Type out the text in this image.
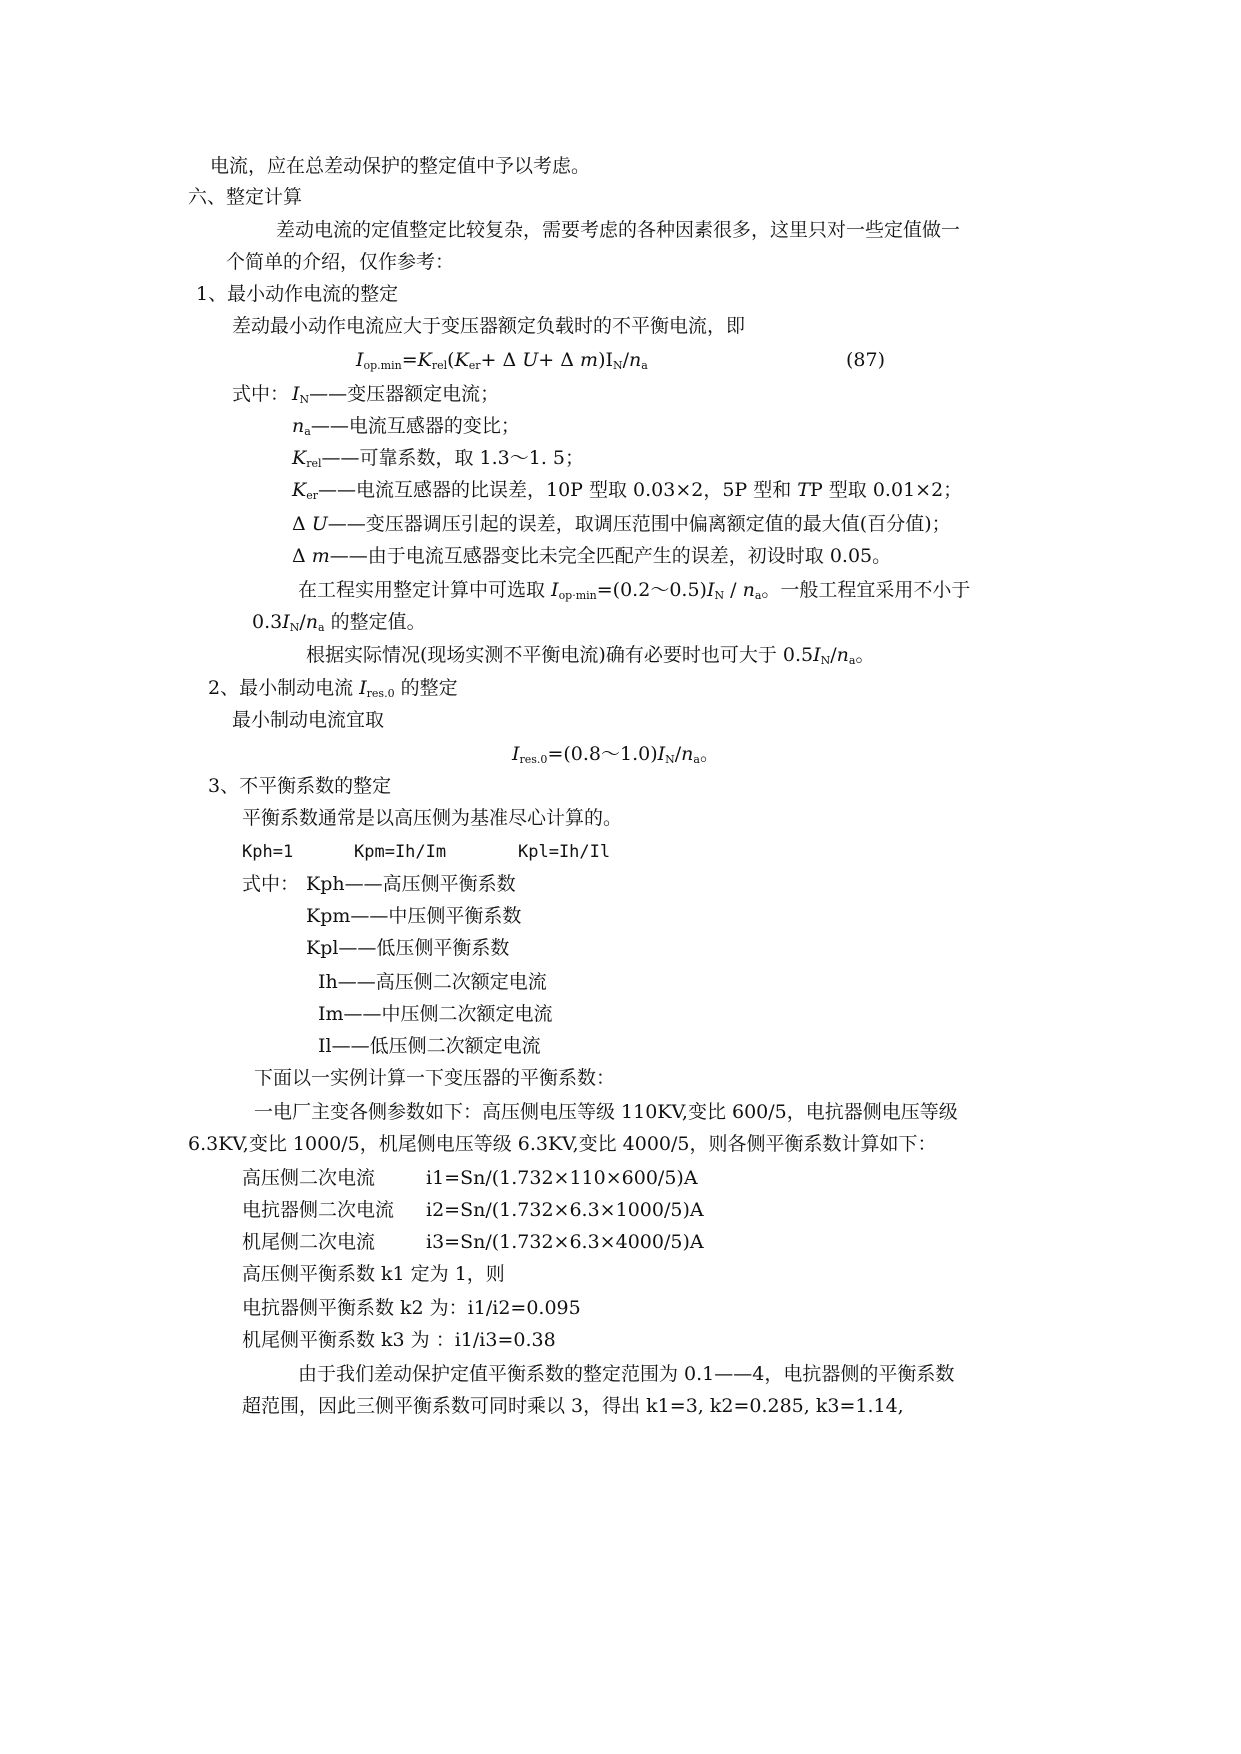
电流，应在总差动保护的整定值中予以考虑。
六、整定计算
差动电流的定值整定比较复杂，需要考虑的各种因素很多，这里只对一些定值做一
个简单的介绍，仅作参考：
1、最小动作电流的整定
差动最小动作电流应大于变压器额定负载时的不平衡电流，即
$I_{op.min}=K_{rel}(K_{er}+ \Delta$ U+ Δ $m)I_N/n_a$	(87)
式中： $I_N——$变压器额定电流；
$n_a——$电流互感器的变比；
$K_{rel}——$可靠系数，取 1.3～1. 5；
$K_{er}——$电流互感器的比误差，10P 型取 0.03×2，5P 型和 TP 型取 0.01×2；
Δ U——变压器调压引起的误差，取调压范围中偏离额定值的最大值(百分值)；
Δ m——由于电流互感器变比未完全匹配产生的误差，初设时取 0.05。
在工程实用整定计算中可选取 $I_{op\cdot min}=(0.2\sim 0.5)I_N / n_a$。一般工程宜采用不小于
$0.3I_N/n_a$ 的整定值。
根据实际情况(现场实测不平衡电流)确有必要时也可大于 $0.5I_N/n_a$。
2、最小制动电流 $I_{res.0}$ 的整定
最小制动电流宜取
$I_{res.0}=(0.8\sim 1.0)I_N/n_a$。
3、不平衡系数的整定
平衡系数通常是以高压侧为基准尽心计算的。
Kph=1	Kpm=Ih/Im	Kpl=Ih/Il
式中： Kph——高压侧平衡系数
Kpm——中压侧平衡系数
Kpl——低压侧平衡系数
Ih——高压侧二次额定电流
Im——中压侧二次额定电流
Il——低压侧二次额定电流
下面以一实例计算一下变压器的平衡系数：
一电厂主变各侧参数如下：高压侧电压等级 110KV,变比 600/5，电抗器侧电压等级
6.3KV,变比 1000/5，机尾侧电压等级 6.3KV,变比 4000/5，则各侧平衡系数计算如下：
高压侧二次电流	i1=Sn/(1.732×110×600/5)A
电抗器侧二次电流 i2=Sn/(1.732×6.3×1000/5)A
机尾侧二次电流	i3=Sn/(1.732×6.3×4000/5)A
高压侧平衡系数 k1 定为 1，则
电抗器侧平衡系数 k2 为：i1/i2=0.095
机尾侧平衡系数 k3 为 ：i1/i3=0.38
由于我们差动保护定值平衡系数的整定范围为 0.1——4，电抗器侧的平衡系数
超范围，因此三侧平衡系数可同时乘以 3，得出 k1=3, k2=0.285, k3=1.14,
